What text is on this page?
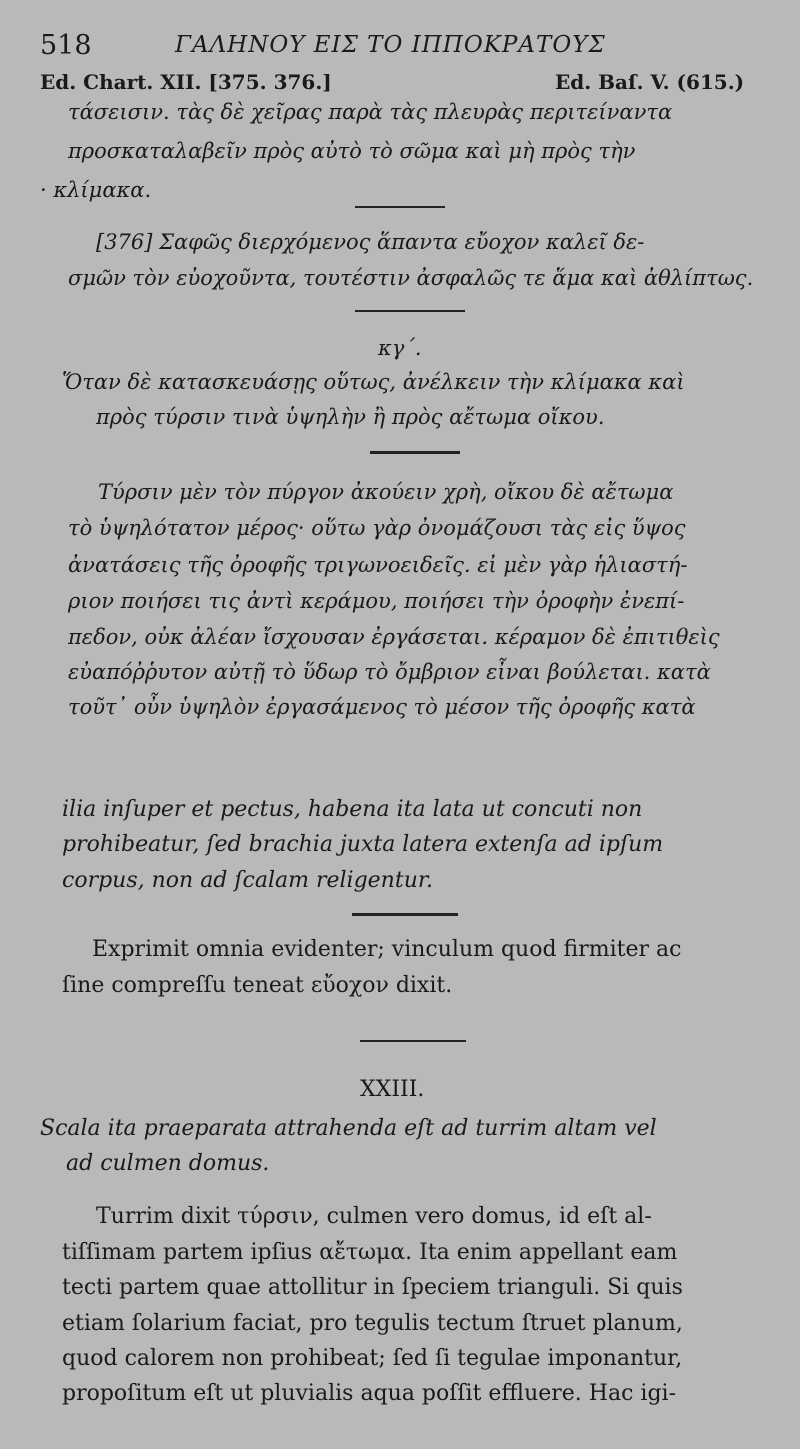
518	ΓΑΛΗΝΟΥ ΕΙΣ ΤΟ ΙΠΠΟΚΡΑΤΟΥΣ
Ed. Chart. XII. [375. 376.]	Ed. Baſ. V. (615.)
τάσεισιν. τὰς δὲ χεῖρας παρὰ τὰς πλευρὰς περιτείναντα
προσκαταλαβεῖν πρὸς αὐτὸ τὸ σῶμα καὶ μὴ πρὸς τὴν
· κλίμακα.
[376] Σαφῶς διερχόμενος ἅπαντα εὔοχον καλεῖ δε-
σμῶν τὸν εὐοχοῦντα, τουτέστιν ἀσφαλῶς τε ἅμα καὶ ἀθλίπτως.
κγ΄.
Ὅταν δὲ κατασκευάσῃς οὕτως, ἀνέλκειν τὴν κλίμακα καὶ
πρὸς τύρσιν τινὰ ὑψηλὴν ἢ πρὸς αἔτωμα οἴκου.
Τύρσιν μὲν τὸν πύργον ἀκούειν χρὴ, οἴκου δὲ αἔτωμα
τὸ ὑψηλότατον μέρος· οὕτω γὰρ ὀνομάζουσι τὰς εἰς ὕψος
ἀνατάσεις τῆς ὀροφῆς τριγωνοειδεῖς. εἰ μὲν γὰρ ἡλιαστή-
ριον ποιήσει τις ἀντὶ κεράμου, ποιήσει τὴν ὀροφὴν ἐνεπί-
πεδον, οὐκ ἀλέαν ἴσχουσαν ἐργάσεται. κέραμον δὲ ἐπιτιθεὶς
εὐαπόῤῥυτον αὐτῇ τὸ ὕδωρ τὸ ὄμβριον εἶναι βούλεται. κατὰ
τοῦτ᾽ οὖν ὑψηλὸν ἐργασάμενος τὸ μέσον τῆς ὀροφῆς κατὰ
ilia inſuper et pectus, habena ita lata ut concuti non
prohibeatur, ſed brachia juxta latera extenſa ad ipſum
corpus, non ad ſcalam religentur.
Exprimit omnia evidenter; vinculum quod firmiter ac
ſine compreſſu teneat εὔοχον dixit.
XXIII.
Scala ita praeparata attrahenda eſt ad turrim altam vel
ad culmen domus.
Turrim dixit τύρσιν, culmen vero domus, id eſt al-
tiſſimam partem ipſius αἔτωμα. Ita enim appellant eam
tecti partem quae attollitur in ſpeciem trianguli. Si quis
etiam ſolarium faciat, pro tegulis tectum ſtruet planum,
quod calorem non prohibeat; ſed ſi tegulae imponantur,
propoſitum eſt ut pluvialis aqua poſſit effluere. Hac igi-
